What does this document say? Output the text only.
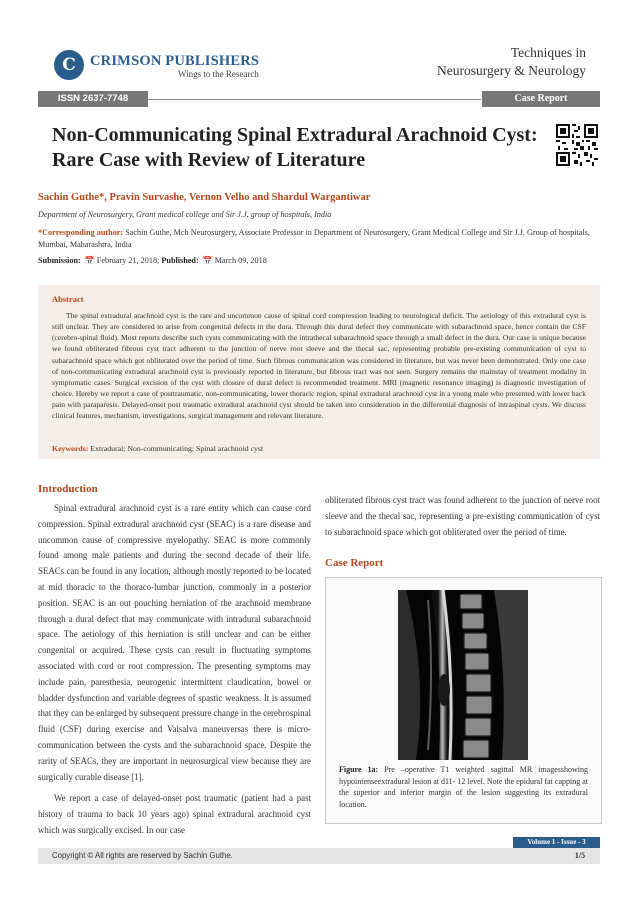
C CRIMSON PUBLISHERS
Wings to the Research
Techniques in
Neurosurgery & Neurology
ISSN 2637-7748	Case Report
Non-Communicating Spinal Extradural Arachnoid Cyst: Rare Case with Review of Literature
Sachin Guthe*, Pravin Survashe, Vernon Velho and Shardul Wargantiwar
Department of Neurosurgery, Grant medical college and Sir J.J. group of hospitals, India
*Corresponding author: Sachin Guthe, Mch Neurosurgery, Associate Professor in Department of Neurosurgery, Grant Medical College and Sir J.J. Group of hospitals, Mumbai, Maharashtra, India
Submission: 📅 February 21, 2018; Published: 📅 March 09, 2018
Abstract
The spinal extradural arachnoid cyst is the rare and uncommon cause of spinal cord compression leading to neurological deficit. The aetiology of this extradural cyst is still unclear. They are considered to arise from congenital defects in the dura. Through this dural defect they communicate with subarachnoid space, hence contain the CSF (cerebro-spinal fluid). Most reports describe such cysts communicating with the intrathecal subarachnoid space through a small defect in the dura. Our case is unique because we found obliterated fibrous cyst tract adherent to the junction of nerve root sleeve and the thecal sac, representing probable pre-existing communication of cyst to subarachnoid space which got obliterated over the period of time. Such fibrous communication was considered in literature, but was never been demonstrated. Only one case of non-communicating extradural arachnoid cyst is previously reported in literature, but fibrous tract was not seen. Surgery remains the mainstay of treatment modality in symptomatic cases. Surgical excision of the cyst with closure of dural defect is recommended treatment. MRI (magnetic resonance imaging) is diagnostic investigation of choice. Hereby we report a case of posttraumatic, non-communicating, lower thoracic region, spinal extradural arachnoid cyst in a young male who presented with lower back pain with paraparesis. Delayed-onset post traumatic extradural arachnoid cyst should be taken into consideration in the differential diagnosis of intraspinal cysts. We discuss clinical features, mechanism, investigations, surgical management and relevant literature.
Keywords: Extradural; Non-communicating; Spinal arachnoid cyst
Introduction

Spinal extradural arachnoid cyst is a rare entity which can cause cord compression. Spinal extradural arachnoid cyst (SEAC) is a rare disease and uncommon cause of compressive myelopathy. SEAC is more commonly found among male patients and during the second decade of their life. SEACs can be found in any location, although mostly reported to be located at mid thoracic to the thoraco-lumbar junction, commonly in a posterior position. SEAC is an out pouching herniation of the arachnoid membrane through a dural defect that may communicate with intradural subarachnoid space. The aetiology of this herniation is still unclear and can be either congenital or acquired. These cysts can result in fluctuating symptoms associated with cord or root compression. The presenting symptoms may include pain, paresthesia, neurogenic intermittent claudication, bowel or bladder dysfunction and variable degrees of spastic weakness. It is assumed that they can be enlarged by subsequent pressure change in the cerebrospinal fluid (CSF) during exercise and Valsalva maneuversas there is micro-communication between the cysts and the subarachnoid space. Despite the rarity of SEACs, they are important in neurosurgical view because they are surgically curable disease [1].

We report a case of delayed-onset post traumatic (patient had a past history of trauma to back 10 years ago) spinal extradural arachnoid cyst which was surgically excised. In our case

obliterated fibrous cyst tract was found adherent to the junction of nerve root sleeve and the thecal sac, representing a pre-existing communication of cyst to subarachnoid space which got obliterated over the period of time.

Case Report
Figure 1a: Pre –operative T1 weighted sagittal MR imagesshowing hypointenseextradural lesion at d11- 12 level. Note the epidural fat capping at the superior and inferior margin of the lesion suggesting its extradural location.
Volume 1 - Issue - 3
Copyright © All rights are reserved by Sachin Guthe.	1/5
